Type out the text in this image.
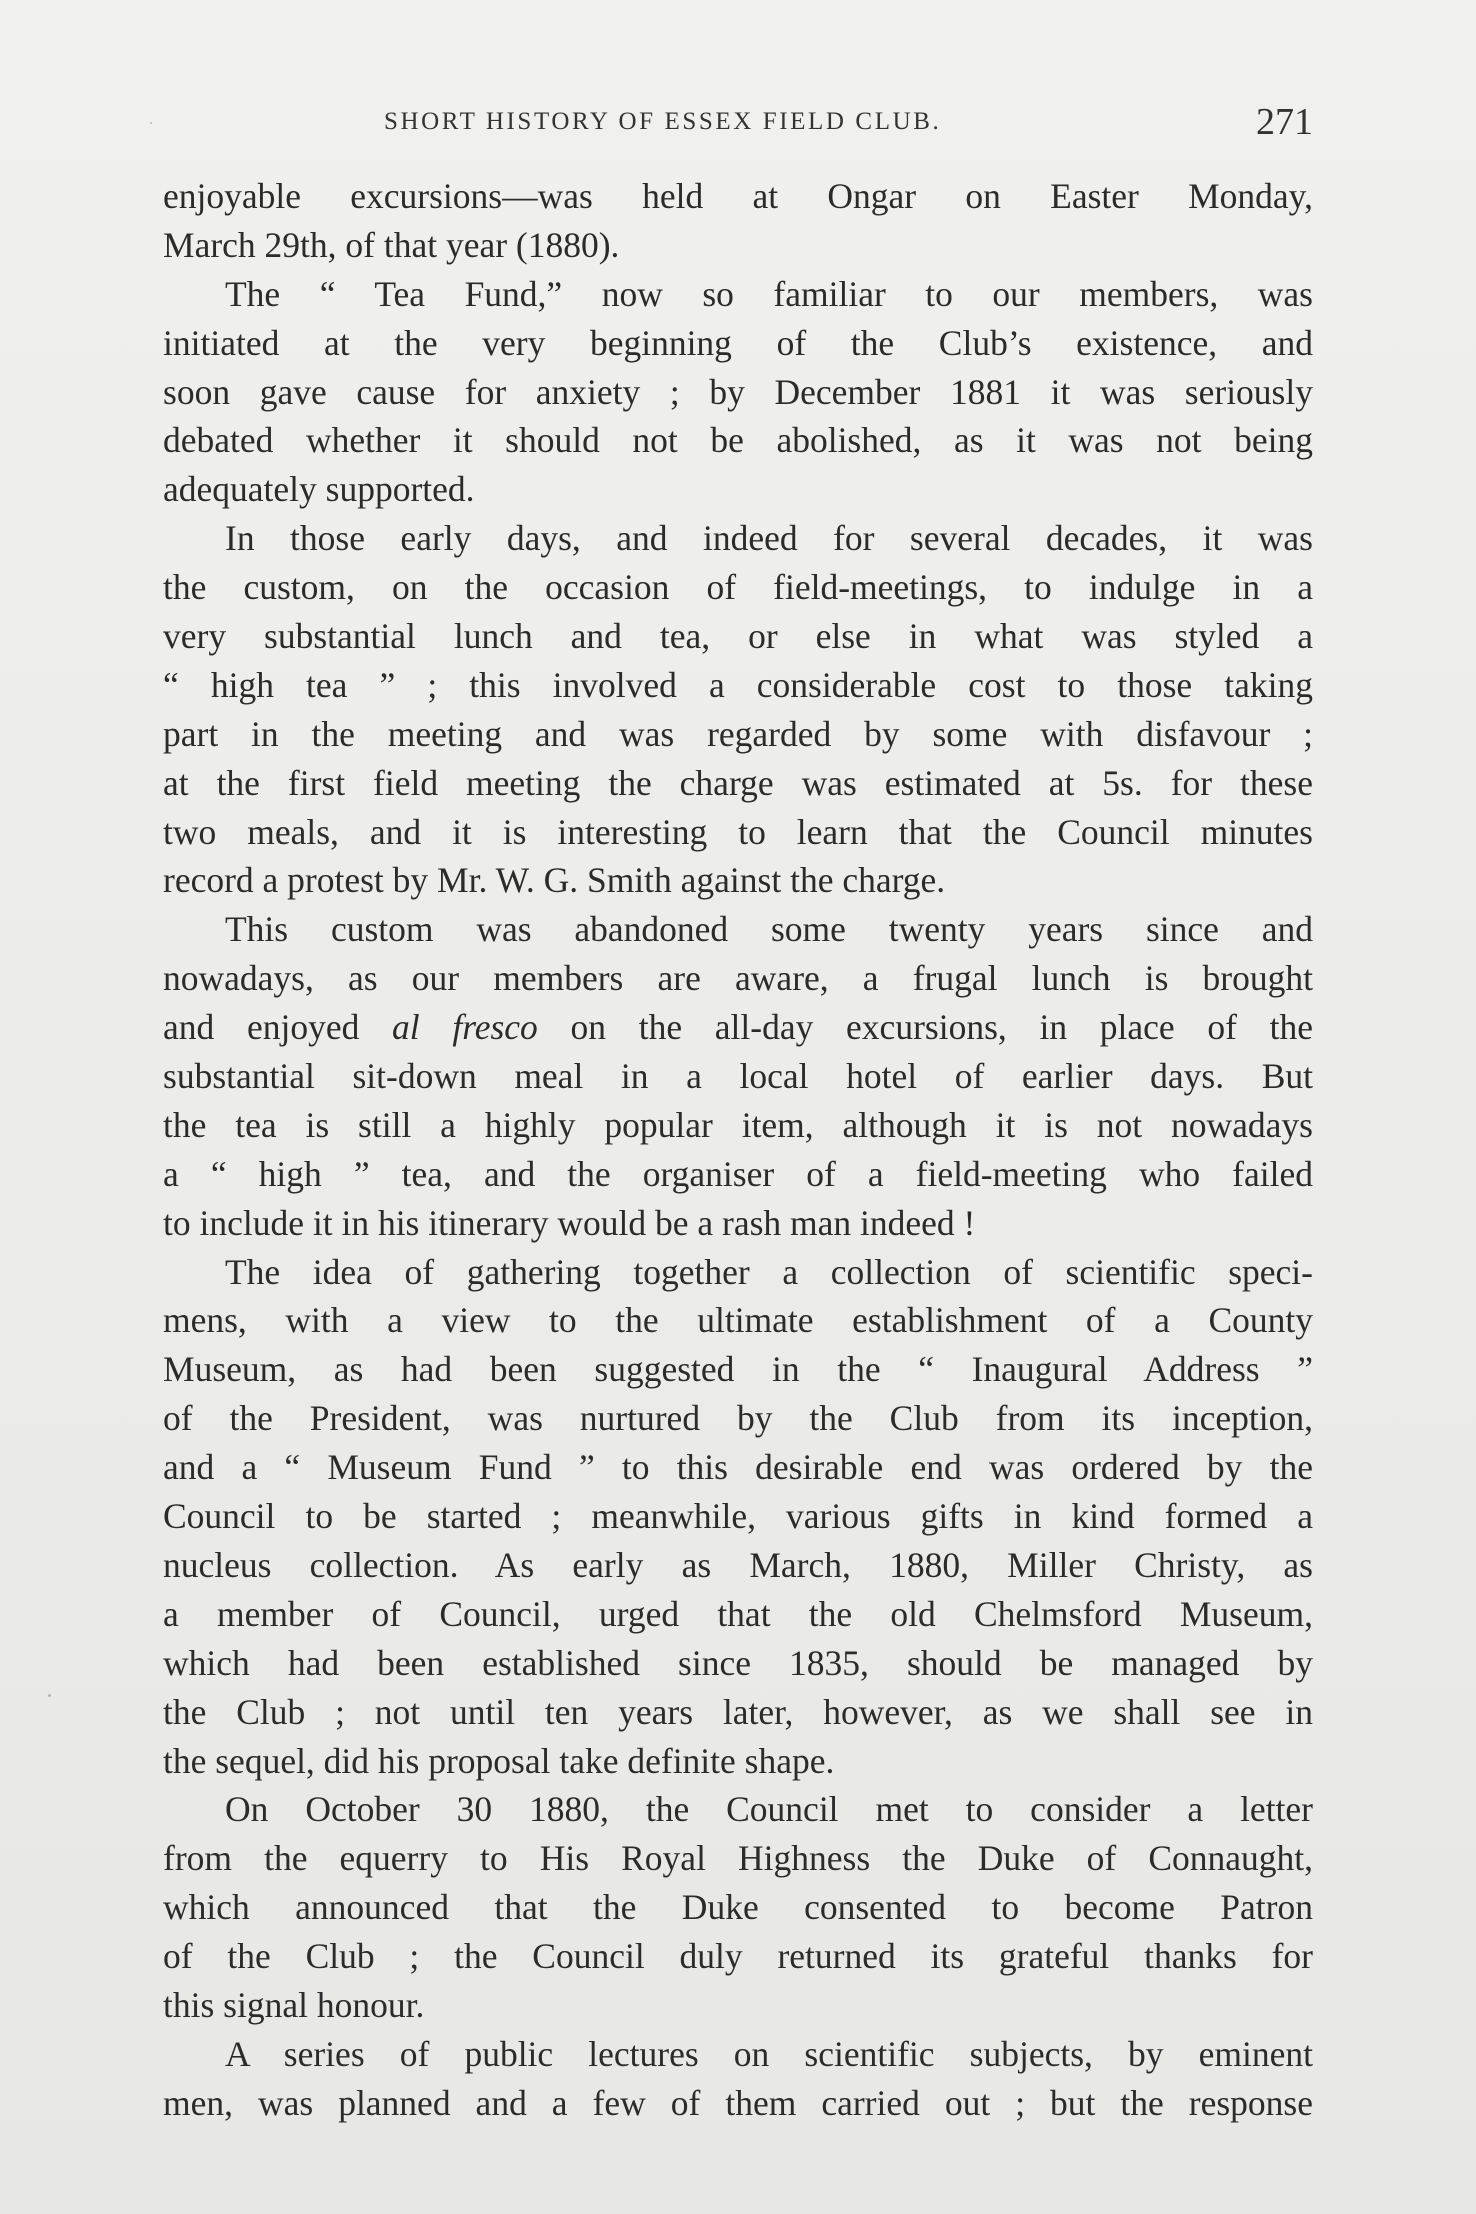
SHORT HISTORY OF ESSEX FIELD CLUB.	271
enjoyable excursions—was held at Ongar on Easter Monday,
March 29th, of that year (1880).
The “ Tea Fund,” now so familiar to our members, was
initiated at the very beginning of the Club’s existence, and
soon gave cause for anxiety ; by December 1881 it was seriously
debated whether it should not be abolished, as it was not being
adequately supported.
In those early days, and indeed for several decades, it was
the custom, on the occasion of field-meetings, to indulge in a
very substantial lunch and tea, or else in what was styled a
“ high tea ” ; this involved a considerable cost to those taking
part in the meeting and was regarded by some with disfavour ;
at the first field meeting the charge was estimated at 5s. for these
two meals, and it is interesting to learn that the Council minutes
record a protest by Mr. W. G. Smith against the charge.
This custom was abandoned some twenty years since and
nowadays, as our members are aware, a frugal lunch is brought
and enjoyed al fresco on the all-day excursions, in place of the
substantial sit-down meal in a local hotel of earlier days. But
the tea is still a highly popular item, although it is not nowadays
a “ high ” tea, and the organiser of a field-meeting who failed
to include it in his itinerary would be a rash man indeed !
The idea of gathering together a collection of scientific speci-
mens, with a view to the ultimate establishment of a County
Museum, as had been suggested in the “ Inaugural Address ”
of the President, was nurtured by the Club from its inception,
and a “ Museum Fund ” to this desirable end was ordered by the
Council to be started ; meanwhile, various gifts in kind formed a
nucleus collection. As early as March, 1880, Miller Christy, as
a member of Council, urged that the old Chelmsford Museum,
which had been established since 1835, should be managed by
the Club ; not until ten years later, however, as we shall see in
the sequel, did his proposal take definite shape.
On October 30 1880, the Council met to consider a letter
from the equerry to His Royal Highness the Duke of Connaught,
which announced that the Duke consented to become Patron
of the Club ; the Council duly returned its grateful thanks for
this signal honour.
A series of public lectures on scientific subjects, by eminent
men, was planned and a few of them carried out ; but the response
